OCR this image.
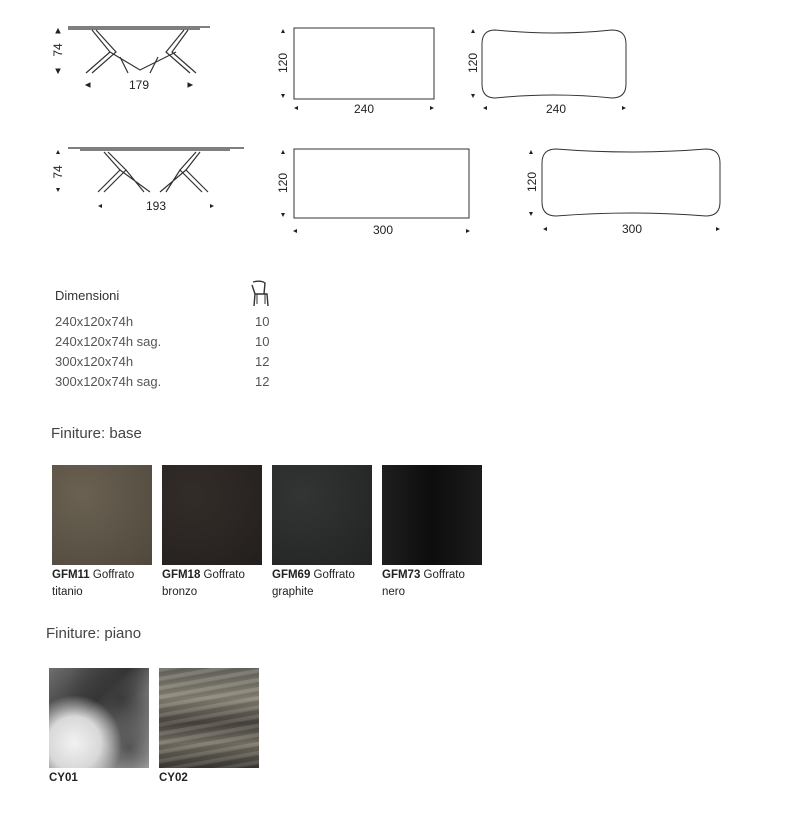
74
179
120
240
120
240
74
193
120
300
120
300
Dimensioni
240x120x74h	10
240x120x74h sag.	10
300x120x74h	12
300x120x74h sag.	12
Finiture: base
GFM11 Goffrato titanio
GFM18 Goffrato bronzo
GFM69 Goffrato graphite
GFM73 Goffrato nero
Finiture: piano
CY01	CY02
